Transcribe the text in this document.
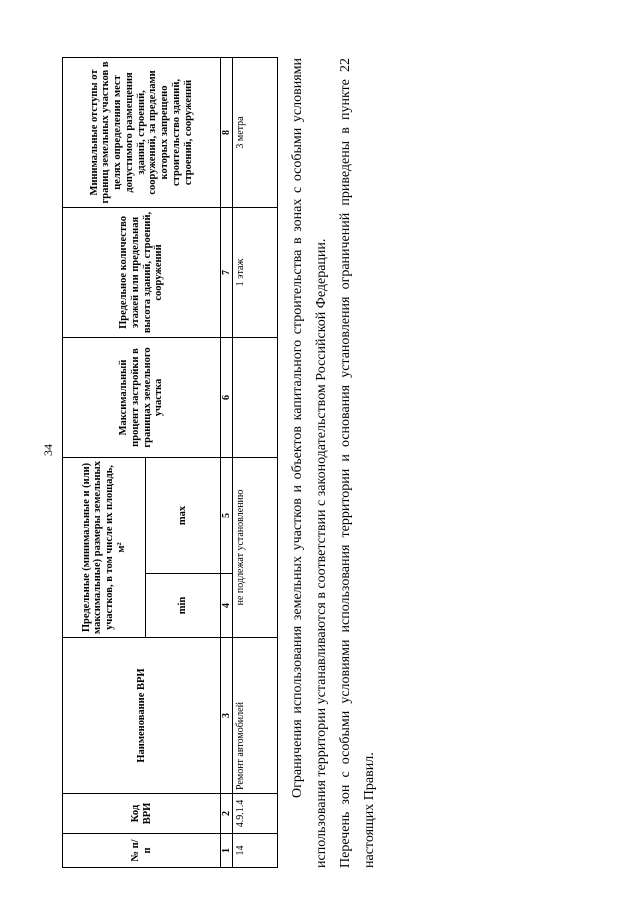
34
№ п/п	Код ВРИ	Наименование ВРИ	Предельные (минимальные и (или) максимальные) размеры земельных участков, в том числе их площадь, м²		Максимальный процент застройки в границах земельного участка	Предельное количество этажей или предельная высота зданий, строений, сооружений	Минимальные отступы от границ земельных участков в целях определения мест допустимого размещения зданий, строений, сооружений, за пределами которых запрещено строительство зданий, строений, сооружений
			min	max			
1	2	3	4	5	6	7	8
14	4.9.1.4	Ремонт автомобилей	не подлежат установлению			1 этаж	3 метра	Ограничения использования земельных участков и объектов капитального строительства в зонах с особыми условиями использования территории устанавливаются в соответствии с законодательством Российской Федерации. Перечень зон с особыми условиями использования территории и основания установления ограничений приведены в пункте 22 настоящих Правил.
